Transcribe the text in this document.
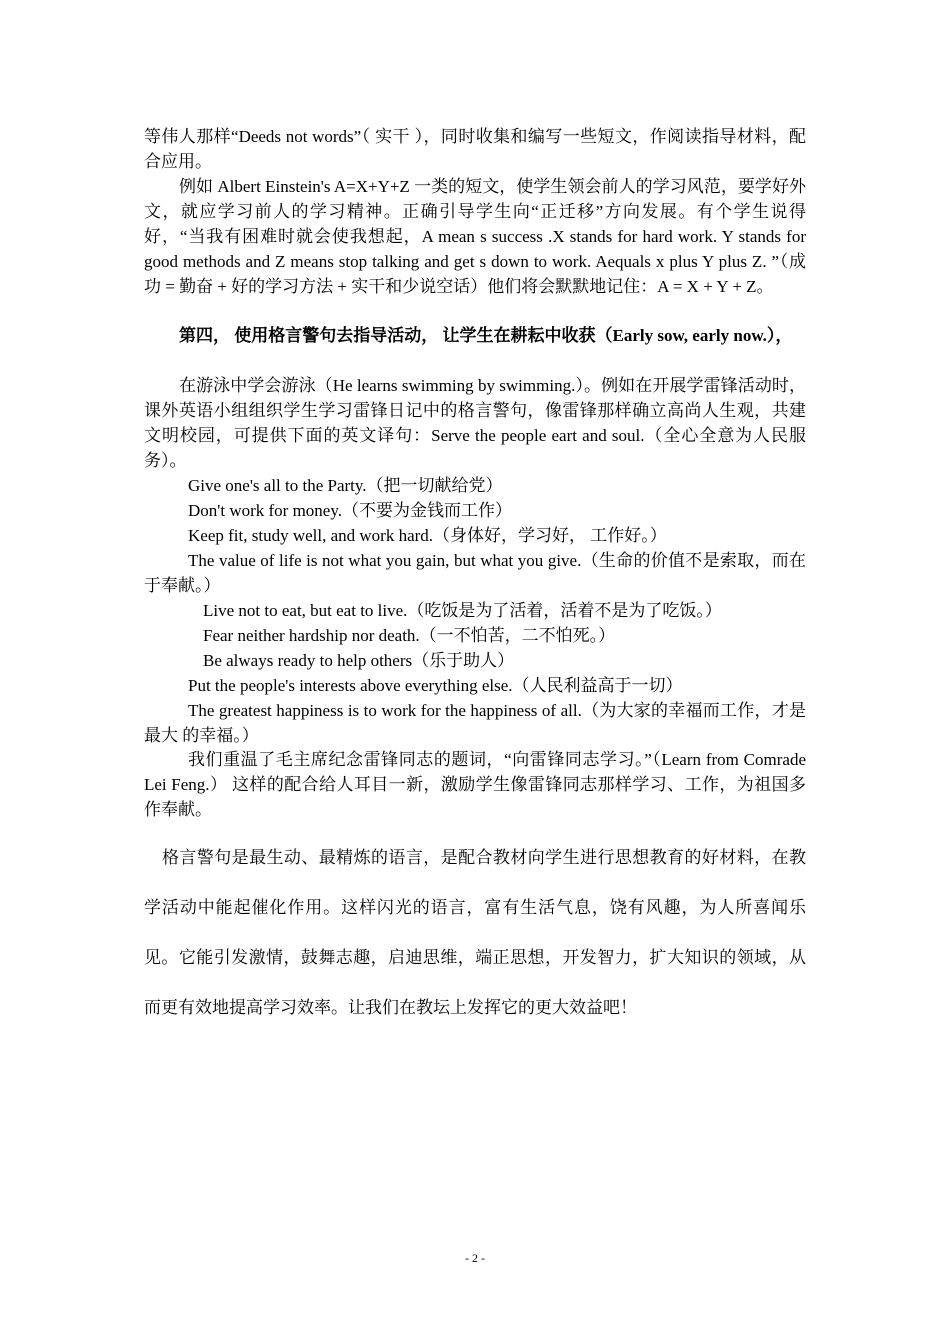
等伟人那样“Deeds not words”（ 实干 ），同时收集和编写一些短文，作阅读指导材料，配合应用。
例如 Albert Einstein's A=X+Y+Z 一类的短文，使学生领会前人的学习风范，要学好外文，就应学习前人的学习精神。正确引导学生向“正迁移”方向发展。有个学生说得好，“当我有困难时就会使我想起，A mean s success .X stands for hard work. Y stands for good methods and Z means stop talking and get s down to work. Aequals x plus Y plus Z. ”（成功 = 勤奋 + 好的学习方法 + 实干和少说空话）他们将会默默地记住：A = X + Y + Z。
第四， 使用格言警句去指导活动， 让学生在耕耘中收获（Early sow, early now.），
在游泳中学会游泳（He learns swimming by swimming.）。例如在开展学雷锋活动时，课外英语小组组织学生学习雷锋日记中的格言警句，像雷锋那样确立高尚人生观，共建文明校园，可提供下面的英文译句：Serve the people eart and soul.（全心全意为人民服务）。
Give one's all to the Party.（把一切献给党）
Don't work for money.（不要为金钱而工作）
Keep fit, study well, and work hard.（身体好，学习好， 工作好。）
The value of life is not what you gain, but what you give.（生命的价值不是索取，而在于奉献。）
Live not to eat, but eat to live.（吃饭是为了活着，活着不是为了吃饭。）
Fear neither hardship nor death.（一不怕苦，二不怕死。）
Be always ready to help others（乐于助人）
Put the people's interests above everything else.（人民利益高于一切）
The greatest happiness is to work for the happiness of all.（为大家的幸福而工作，才是最大 的幸福。）
我们重温了毛主席纪念雷锋同志的题词，“向雷锋同志学习。”（Learn from Comrade Lei Feng.） 这样的配合给人耳目一新，激励学生像雷锋同志那样学习、工作，为祖国多作奉献。
格言警句是最生动、最精炼的语言，是配合教材向学生进行思想教育的好材料，在教学活动中能起催化作用。这样闪光的语言，富有生活气息，饶有风趣，为人所喜闻乐见。它能引发激情，鼓舞志趣，启迪思维，端正思想，开发智力，扩大知识的领域，从而更有效地提高学习效率。让我们在教坛上发挥它的更大效益吧！
- 2 -
